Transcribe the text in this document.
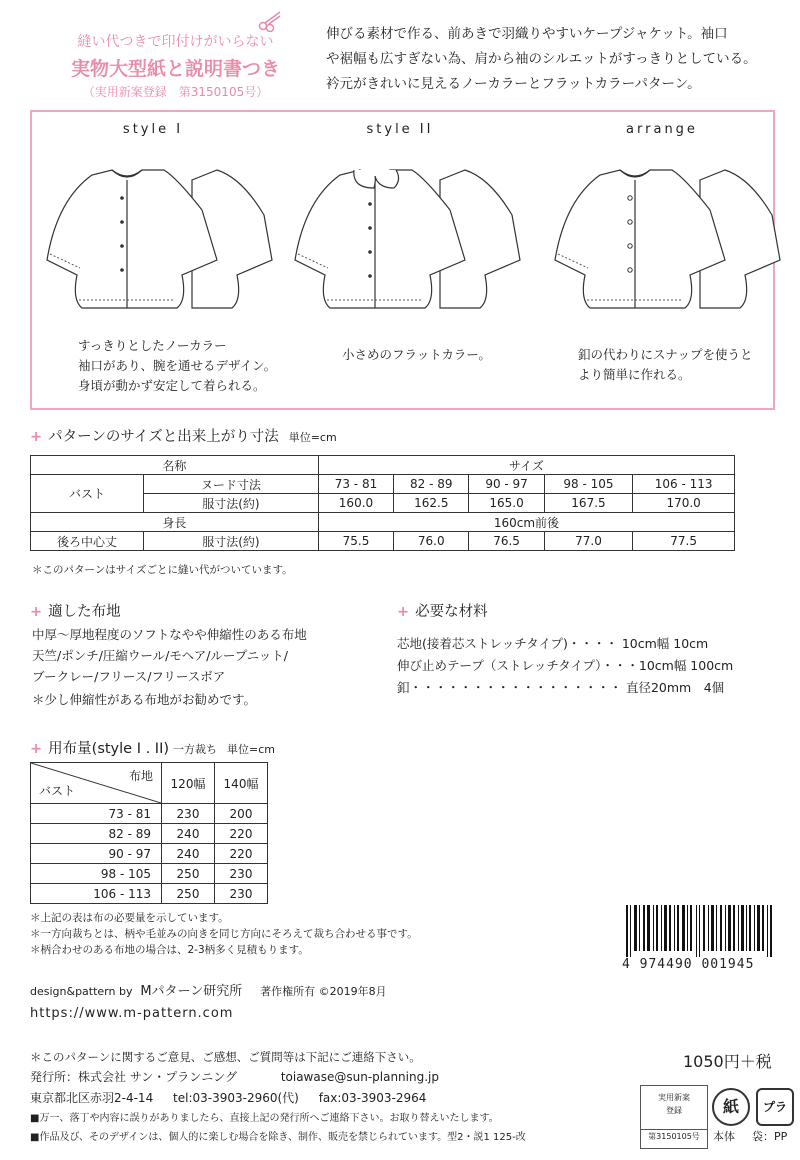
縫い代つきで印付けがいらない
実物大型紙と説明書つき
（実用新案登録　第3150105号）

伸びる素材で作る、前あきで羽織りやすいケープジャケット。袖口

や裾幅も広すぎない為、肩から袖のシルエットがすっきりとしている。

衿元がきれいに見えるノーカラーとフラットカラーパターン。

style I	style II	arrange
すっきりとしたノーカラー
袖口があり、腕を通せるデザイン。
身頃が動かず安定して着られる。
小さめのフラットカラー。	釦の代わりにスナップを使うと
より簡単に作れる。
+ パターンのサイズと出来上がり寸法 単位=cm
名称		サイズ				
バスト	ヌード寸法	73 - 81	82 - 89	90 - 97	98 - 105	106 - 113
	服寸法(約)	160.0	162.5	165.0	167.5	170.0
身長		160cm前後				
後ろ中心丈	服寸法(約)	75.5	76.0	76.5	77.0	77.5
＊このパターンはサイズごとに縫い代がついています。
+ 適した布地
中厚〜厚地程度のソフトなやや伸縮性のある布地
天竺/ポンチ/圧縮ウール/モヘア/ループニット/
ブークレー/フリース/フリースボア
＊少し伸縮性がある布地がお勧めです。
+ 必要な材料
芯地(接着芯ストレッチタイプ)・・・・ 10cm幅 10cm
伸び止めテープ（ストレッチタイプ）・・・10cm幅 100cm
釦・・・・・・・・・・・・・・・・・ 直径20mm　4個
+ 用布量(style I . II) 一方裁ち 単位=cm
布地
バスト	120幅	140幅
73 - 81	230	200
82 - 89	240	220
90 - 97	240	220
98 - 105	250	230
106 - 113	250	230
＊上記の表は布の必要量を示しています。
＊一方向裁ちとは、柄や毛並みの向きを同じ方向にそろえて裁ち合わせる事です。
＊柄合わせのある布地の場合は、2-3柄多く見積もります。
4 974490 001945
design&pattern by Mパターン研究所 著作権所有 ©2019年8月
https://www.m-pattern.com
＊このパターンに関するご意見、ご感想、ご質問等は下記にご連絡下さい。
発行所：株式会社 サン・プランニング	toiawase@sun-planning.jp
東京都北区赤羽2-4-14 tel:03-3903-2960(代) fax:03-3903-2964
■万一、落丁や内容に誤りがありましたら、直接上記の発行所へご連絡下さい。お取り替えいたします。
■作品及び、そのデザインは、個人的に楽しむ場合を除き、制作、販売を禁じられています。型2・説1 125-改
1050円＋税
実用新案
登録
第3150105号
紙
本体
プラ
袋：PP
